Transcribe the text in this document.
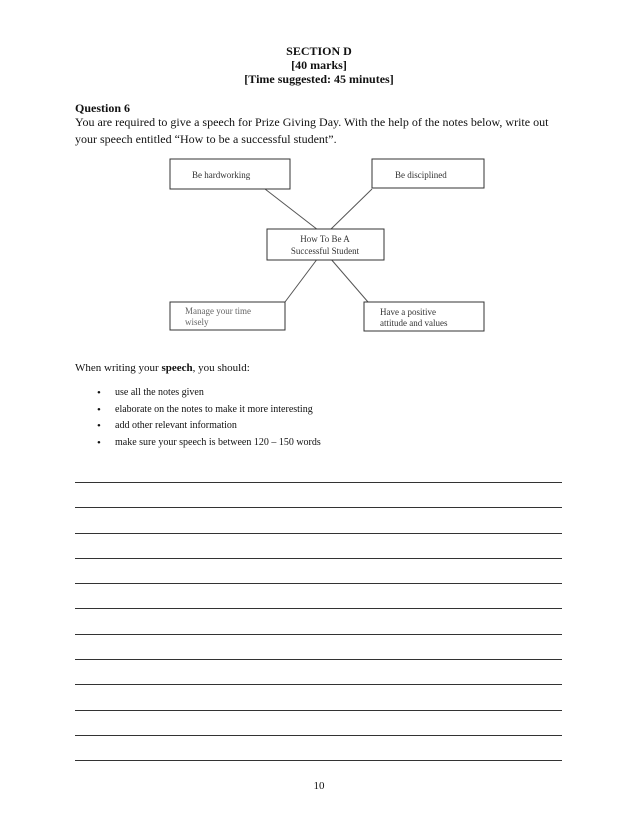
SECTION D
[40 marks]
[Time suggested: 45 minutes]
Question 6
You are required to give a speech for Prize Giving Day. With the help of the notes below, write out your speech entitled “How to be a successful student”.
Be hardworking	Be disciplined
How To Be A
Successful Student
Manage your time
wisely
Have a positive
attitude and values
When writing your speech, you should:
• use all the notes given
• elaborate on the notes to make it more interesting
• add other relevant information
• make sure your speech is between 120 – 150 words
10
